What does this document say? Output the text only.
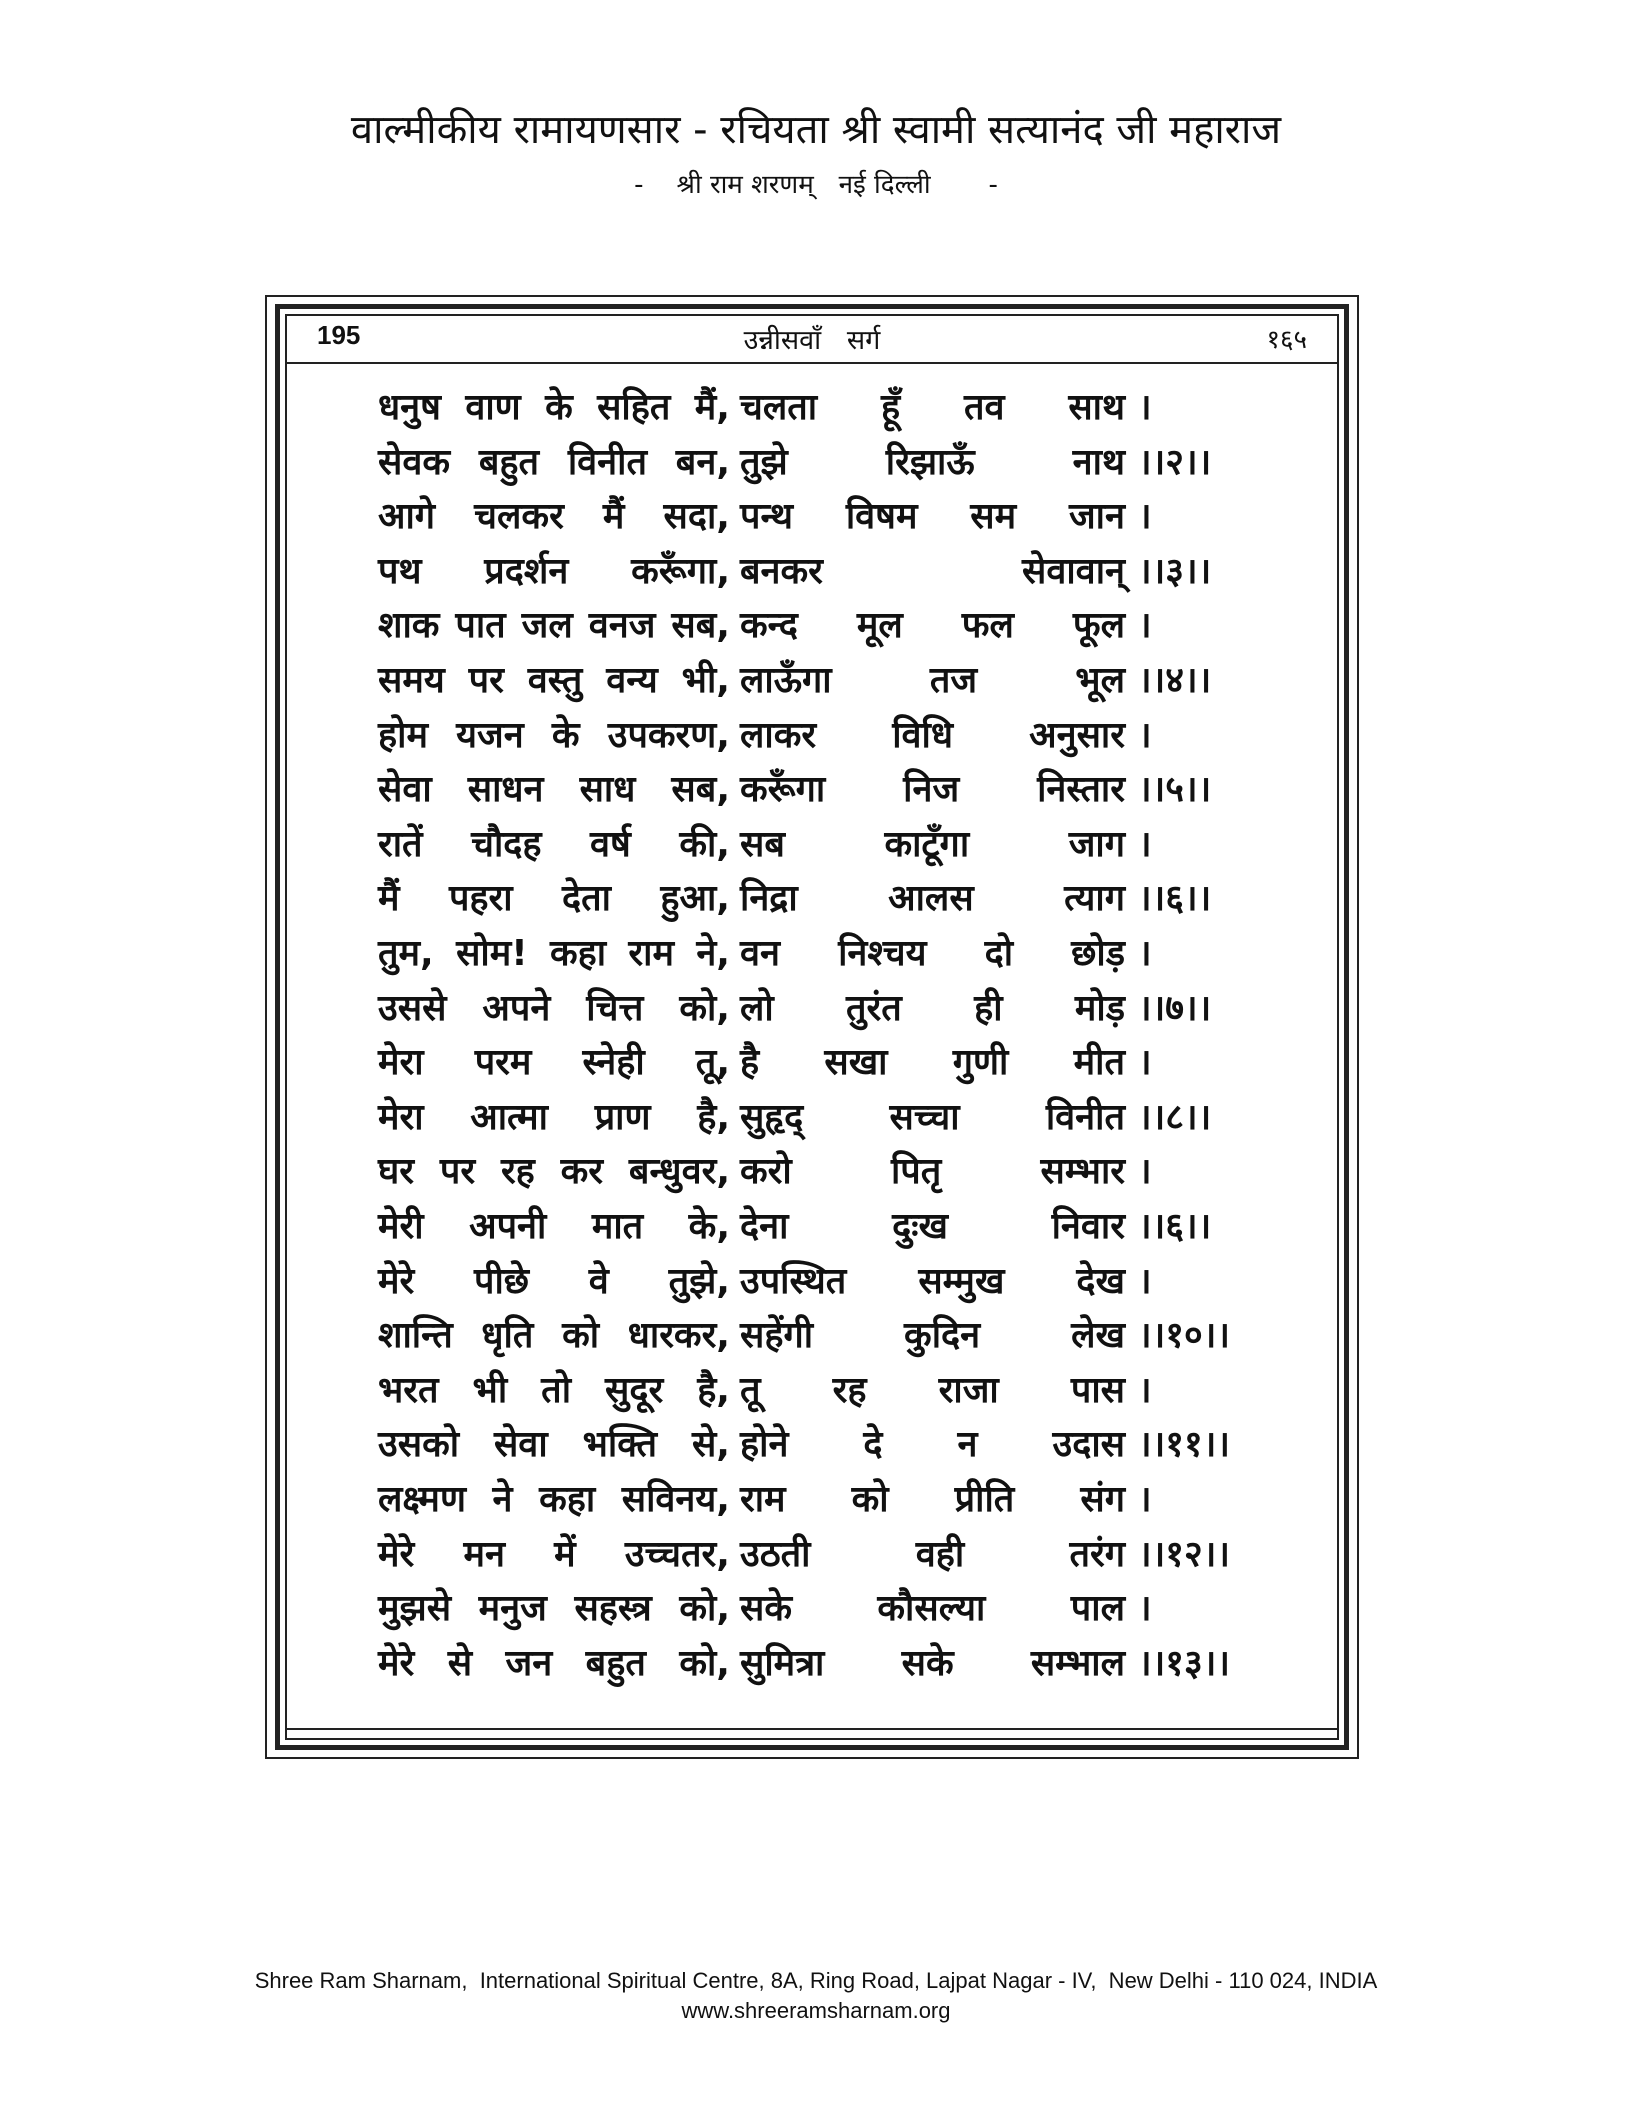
वाल्मीकीय रामायणसार - रचियता श्री स्वामी सत्यानंद जी महाराज
-    श्री राम शरणम्   नई दिल्ली       -
195	उन्नीसवाँ   सर्ग	१६५
धनुष वाण के सहित मैं, चलता हूँ तव साथ ।
सेवक बहुत विनीत बन, तुझे	रिझाऊँ	नाथ ।।२।।
आगे चलकर मैं सदा, पन्थ विषम सम जान ।
पथ प्रदर्शन करूँगा, बनकर	सेवावान् ।।३।।
शाक पात जल वनज सब, कन्द मूल फल फूल ।
समय पर वस्तु वन्य भी, लाऊँगा	तज	भूल ।।४।।
होम यजन के उपकरण, लाकर विधि अनुसार ।
सेवा साधन साध सब, करूँगा निज निस्तार ।।५।।
रातें चौदह वर्ष की, सब	काटूँगा	जाग ।
मैं पहरा देता हुआ, निद्रा	आलस	त्याग ।।६।।
तुम, सोम! कहा राम ने, वन निश्चय दो छोड़ ।
उससे अपने चित्त को, लो तुरंत ही मोड़ ।।७।।
मेरा परम स्नेही तू, है सखा गुणी मीत ।
मेरा आत्मा प्राण है, सुहृद् सच्चा विनीत ।।८।।
घर पर रह कर बन्धुवर, करो	पितृ	सम्भार ।
मेरी अपनी मात के, देना	दुःख	निवार ।।६।।
मेरे पीछे वे तुझे, उपस्थित सम्मुख देख ।
शान्ति धृति को धारकर, सहेंगी	कुदिन	लेख ।।१०।।
भरत भी तो सुदूर है, तू रह राजा पास ।
उसको सेवा भक्ति से, होने दे न उदास ।।११।।
लक्ष्मण ने कहा सविनय, राम को प्रीति संग ।
मेरे मन में उच्चतर, उठती	वही	तरंग ।।१२।।
मुझसे मनुज सहस्त्र को, सके कौसल्या पाल ।
मेरे से जन बहुत को, सुमित्रा सके सम्भाल ।।१३।।
Shree Ram Sharnam,  International Spiritual Centre, 8A, Ring Road, Lajpat Nagar - IV,  New Delhi - 110 024, INDIA
www.shreeramsharnam.org
